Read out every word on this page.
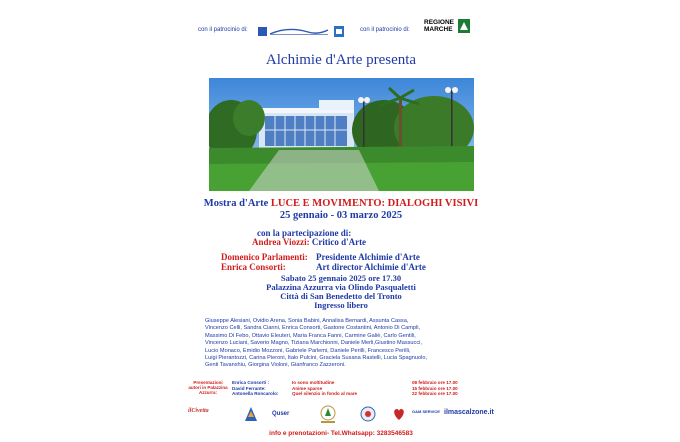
con il patrocinio di:	con il patrocinio di:
REGIONE
MARCHE
Alchimie d'Arte presenta
Mostra d'Arte LUCE E MOVIMENTO: DIALOGHI VISIVI
25 gennaio - 03 marzo 2025
con la partecipazione di:
Andrea Viozzi: Critico d'Arte
Domenico Parlamenti: Presidente Alchimie d'Arte
Enrica Consorti:	Art director Alchimie d'Arte
Sabato 25 gennaio 2025 ore 17.30
Palazzina Azzurra via Olindo Pasqualetti
Città di San Benedetto del Tronto
Ingresso libero
Giuseppe Alesiani, Ovidio Arena, Sonia Babini, Annalisa Bernardi, Assunta Cassa,
Vincenzo Celli, Sandra Cianni, Enrica Consorti, Gastone Costantini, Antonio Di Campli,
Massimo Di Febo, Ottavio Eleuteri, Maria Franca Fanni, Carmine Galiè, Carlo Gentili,
Vincenzo Luciani, Saverio Magno, Tiziana Marchionni, Daniele Merli,Giustino Massucci,
Lucio Monaco, Emidio Mozzoni, Gabriele Parlemi, Daniele Perilli, Francesco Perilli,
Luigi Pierantozzi, Carina Pieroni, Italo Pulcini, Graciela Susana Rastelli, Lucia Spagnuolo,
Genti Tavanxhiu, Giorgina Violoni, Gianfranco Zazzeroni.
Presentazioni autori in Palazzina Azzurra:
Enrica Consorti :	Io sono moltitudine	08 febbraio ore 17.00
David Ferrante:	Anime sparse	15 febbraio ore 17.00
Antonella Roncarolo:	Quel silenzio in fondo al mare	22 febbraio ore 17.00
ilCivetta	Quser	GAM SERVICE ilmascalzone.it
info e prenotazioni- Tel.Whatsapp: 3283546583
